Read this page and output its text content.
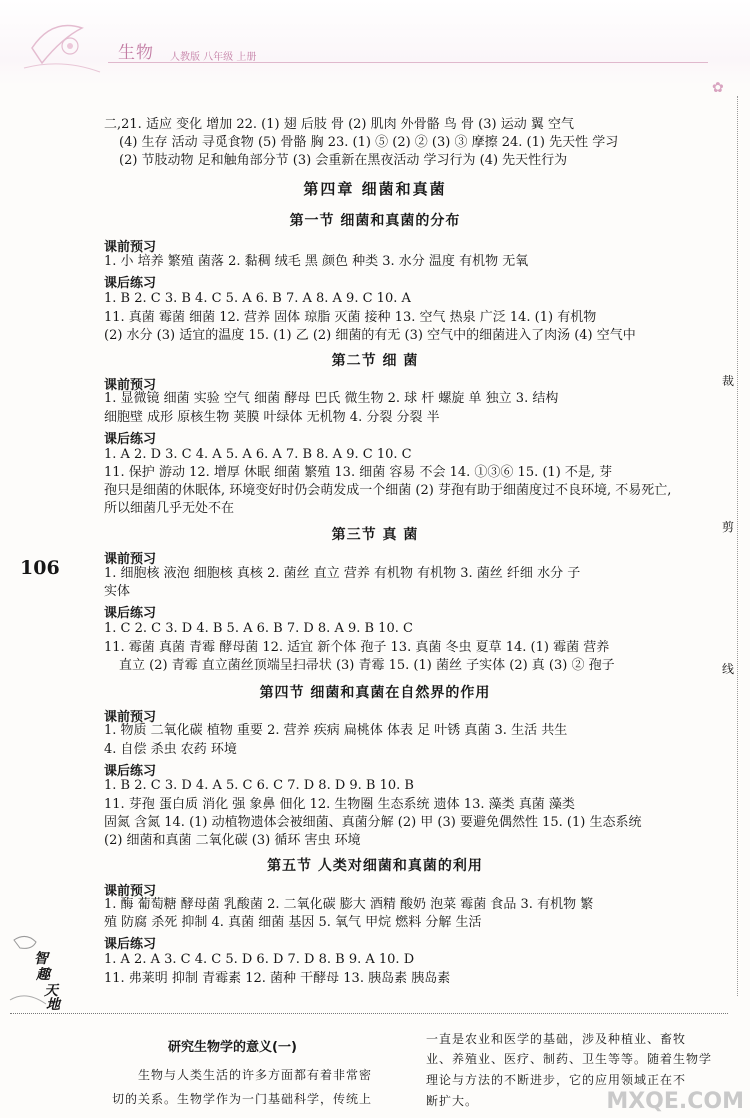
生物 人教版 八年级 上册
✿
二,21. 适应 变化 增加 22. (1) 翅 后肢 骨 (2) 肌肉 外骨骼 鸟 骨 (3) 运动 翼 空气
(4) 生存 活动 寻觅食物 (5) 骨骼 胸 23. (1) ⑤ (2) ② (3) ③ 摩擦 24. (1) 先天性 学习
(2) 节肢动物 足和触角部分节 (3) 会重新在黑夜活动 学习行为 (4) 先天性行为
第四章 细菌和真菌
第一节 细菌和真菌的分布
课前预习
1. 小 培养 繁殖 菌落 2. 黏稠 绒毛 黑 颜色 种类 3. 水分 温度 有机物 无氧
课后练习
1. B 2. C 3. B 4. C 5. A 6. B 7. A 8. A 9. C 10. A
11. 真菌 霉菌 细菌 12. 营养 固体 琼脂 灭菌 接种 13. 空气 热泉 广泛 14. (1) 有机物
(2) 水分 (3) 适宜的温度 15. (1) 乙 (2) 细菌的有无 (3) 空气中的细菌进入了肉汤 (4) 空气中
第二节 细 菌
课前预习
1. 显微镜 细菌 实验 空气 细菌 酵母 巴氏 微生物 2. 球 杆 螺旋 单 独立 3. 结构
细胞壁 成形 原核生物 荚膜 叶绿体 无机物 4. 分裂 分裂 半
课后练习
1. A 2. D 3. C 4. A 5. A 6. A 7. B 8. A 9. C 10. C
11. 保护 游动 12. 增厚 休眠 细菌 繁殖 13. 细菌 容易 不会 14. ①③⑥ 15. (1) 不是, 芽
孢只是细菌的休眠体, 环境变好时仍会萌发成一个细菌 (2) 芽孢有助于细菌度过不良环境, 不易死亡,
所以细菌几乎无处不在
第三节 真 菌
课前预习
1. 细胞核 液泡 细胞核 真核 2. 菌丝 直立 营养 有机物 有机物 3. 菌丝 纤细 水分 子
实体
课后练习
1. C 2. C 3. D 4. B 5. A 6. B 7. D 8. A 9. B 10. C
11. 霉菌 真菌 青霉 酵母菌 12. 适宜 新个体 孢子 13. 真菌 冬虫 夏草 14. (1) 霉菌 营养
直立 (2) 青霉 直立菌丝顶端呈扫帚状 (3) 青霉 15. (1) 菌丝 子实体 (2) 真 (3) ② 孢子
第四节 细菌和真菌在自然界的作用
课前预习
1. 物质 二氧化碳 植物 重要 2. 营养 疾病 扁桃体 体表 足 叶锈 真菌 3. 生活 共生
4. 自偿 杀虫 农药 环境
课后练习
1. B 2. C 3. D 4. A 5. C 6. C 7. D 8. D 9. B 10. B
11. 芽孢 蛋白质 消化 强 象鼻 佃化 12. 生物圈 生态系统 遗体 13. 藻类 真菌 藻类
固氮 含氮 14. (1) 动植物遗体会被细菌、真菌分解 (2) 甲 (3) 要避免偶然性 15. (1) 生态系统
(2) 细菌和真菌 二氧化碳 (3) 循环 害虫 环境
第五节 人类对细菌和真菌的利用
课前预习
1. 酶 葡萄糖 酵母菌 乳酸菌 2. 二氧化碳 膨大 酒精 酸奶 泡菜 霉菌 食品 3. 有机物 繁
殖 防腐 杀死 抑制 4. 真菌 细菌 基因 5. 氧气 甲烷 燃料 分解 生活
课后练习
1. A 2. A 3. C 4. C 5. D 6. D 7. D 8. B 9. A 10. D
11. 弗莱明 抑制 青霉素 12. 菌种 干酵母 13. 胰岛素 胰岛素
106
裁
剪
线
智
趣
天
地
研究生物学的意义(一)
生物与人类生活的许多方面都有着非常密
切的关系。生物学作为一门基础科学，传统上
一直是农业和医学的基础，涉及种植业、畜牧
业、养殖业、医疗、制药、卫生等等。随着生物学
理论与方法的不断进步，它的应用领域正在不
断扩大。	MXQE.COM
